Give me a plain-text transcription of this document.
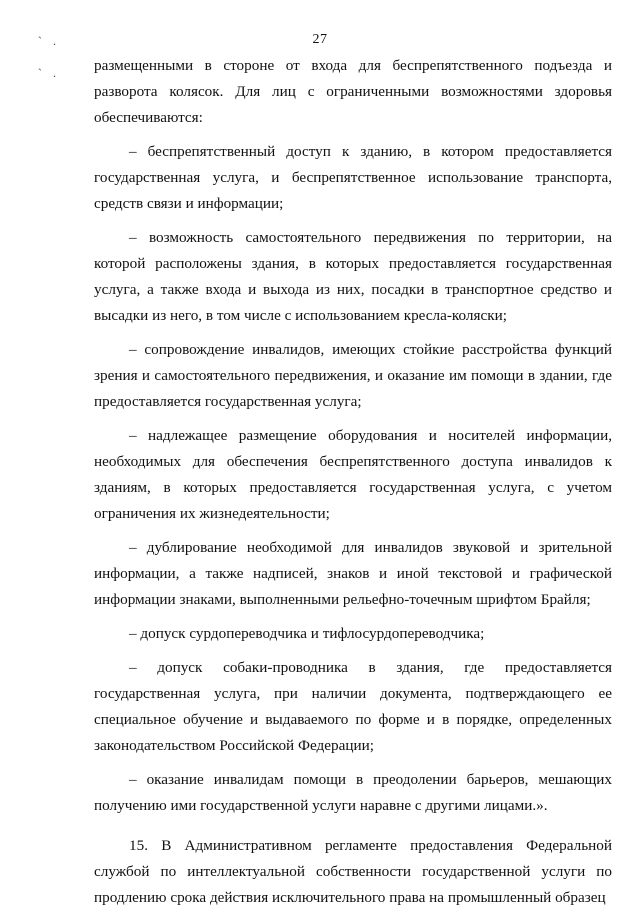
27
` .
` . размещенными в стороне от входа для беспрепятственного подъезда и разворота колясок. Для лиц с ограниченными возможностями здоровья обеспечиваются:

– беспрепятственный доступ к зданию, в котором предоставляется государственная услуга, и беспрепятственное использование транспорта, средств связи и информации;

– возможность самостоятельного передвижения по территории, на которой расположены здания, в которых предоставляется государственная услуга, а также входа и выхода из них, посадки в транспортное средство и высадки из него, в том числе с использованием кресла-коляски;

– сопровождение инвалидов, имеющих стойкие расстройства функций зрения и самостоятельного передвижения, и оказание им помощи в здании, где предоставляется государственная услуга;

– надлежащее размещение оборудования и носителей информации, необходимых для обеспечения беспрепятственного доступа инвалидов к зданиям, в которых предоставляется государственная услуга, с учетом ограничения их жизнедеятельности;

– дублирование необходимой для инвалидов звуковой и зрительной информации, а также надписей, знаков и иной текстовой и графической информации знаками, выполненными рельефно-точечным шрифтом Брайля;

– допуск сурдопереводчика и тифлосурдопереводчика;

– допуск собаки-проводника в здания, где предоставляется государственная услуга, при наличии документа, подтверждающего ее специальное обучение и выдаваемого по форме и в порядке, определенных законодательством Российской Федерации;

– оказание инвалидам помощи в преодолении барьеров, мешающих получению ими государственной услуги наравне с другими лицами.».

15. В Административном регламенте предоставления Федеральной службой по интеллектуальной собственности государственной услуги по продлению срока действия исключительного права на промышленный образец
